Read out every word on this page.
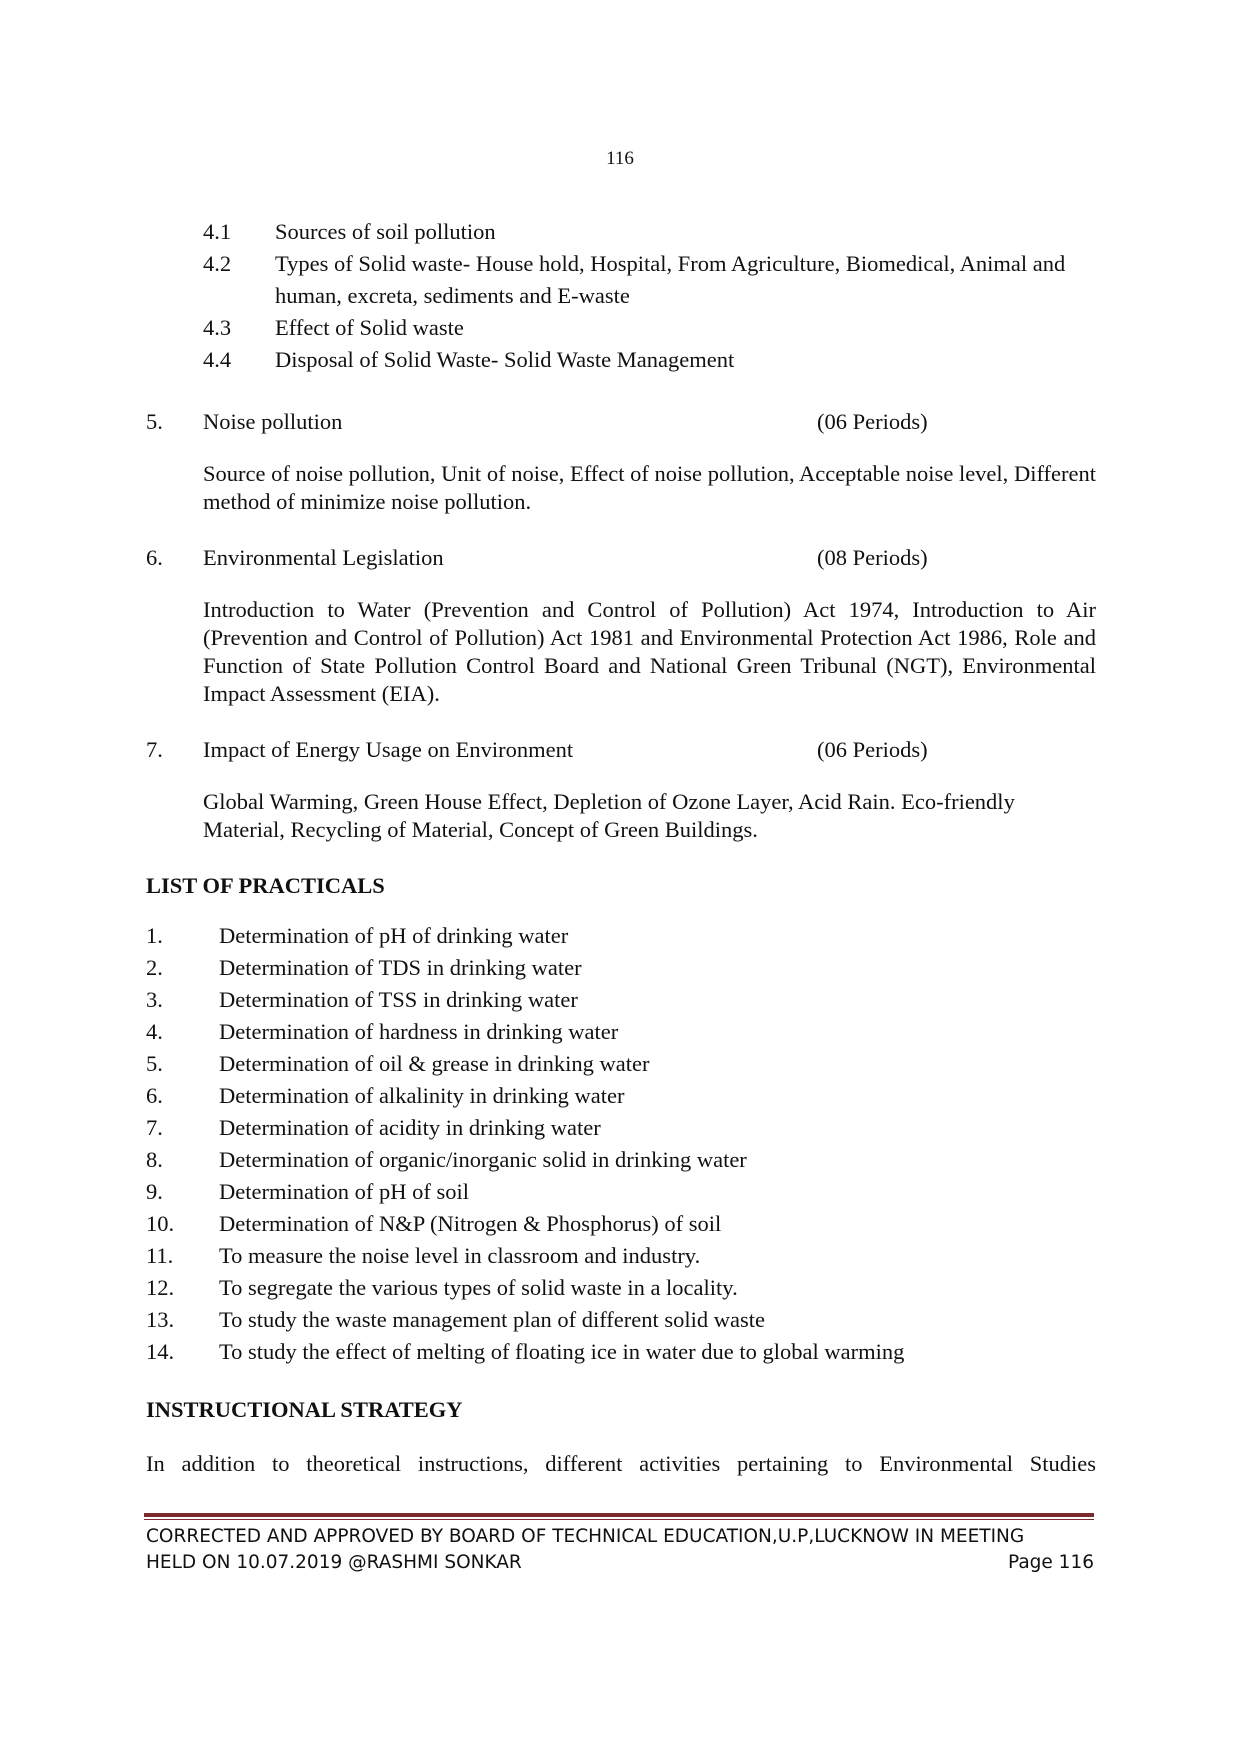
116
4.1	Sources of soil pollution
4.2	Types of Solid waste- House hold, Hospital, From Agriculture, Biomedical, Animal and human, excreta, sediments and E-waste
4.3	Effect of Solid waste
4.4	Disposal of Solid Waste- Solid Waste Management
5.	Noise pollution	(06 Periods)
Source of noise pollution, Unit of noise, Effect of noise pollution, Acceptable noise level, Different method of minimize noise pollution.
6.	Environmental Legislation	(08 Periods)
Introduction to Water (Prevention and Control of Pollution) Act 1974, Introduction to Air (Prevention and Control of Pollution) Act 1981 and Environmental Protection Act 1986, Role and Function of State Pollution Control Board and National Green Tribunal (NGT), Environmental Impact Assessment (EIA).
7.	Impact of Energy Usage on Environment	(06 Periods)
Global Warming, Green House Effect, Depletion of Ozone Layer, Acid Rain. Eco-friendly Material, Recycling of Material, Concept of Green Buildings.
LIST OF PRACTICALS
1.	Determination of pH of drinking water
2.	Determination of TDS in drinking water
3.	Determination of TSS in drinking water
4.	Determination of hardness in drinking water
5.	Determination of oil & grease in drinking water
6.	Determination of alkalinity in drinking water
7.	Determination of acidity in drinking water
8.	Determination of organic/inorganic solid in drinking water
9.	Determination of pH of soil
10.	Determination of N&P (Nitrogen & Phosphorus) of soil
11.	To measure the noise level in classroom and industry.
12.	To segregate the various types of solid waste in a locality.
13.	To study the waste management plan of different solid waste
14.	To study the effect of melting of floating ice in water due to global warming
INSTRUCTIONAL STRATEGY
In addition to theoretical instructions, different activities pertaining to Environmental Studies
CORRECTED AND APPROVED BY BOARD OF TECHNICAL EDUCATION,U.P,LUCKNOW IN MEETING
HELD ON 10.07.2019 @RASHMI SONKAR	Page 116
